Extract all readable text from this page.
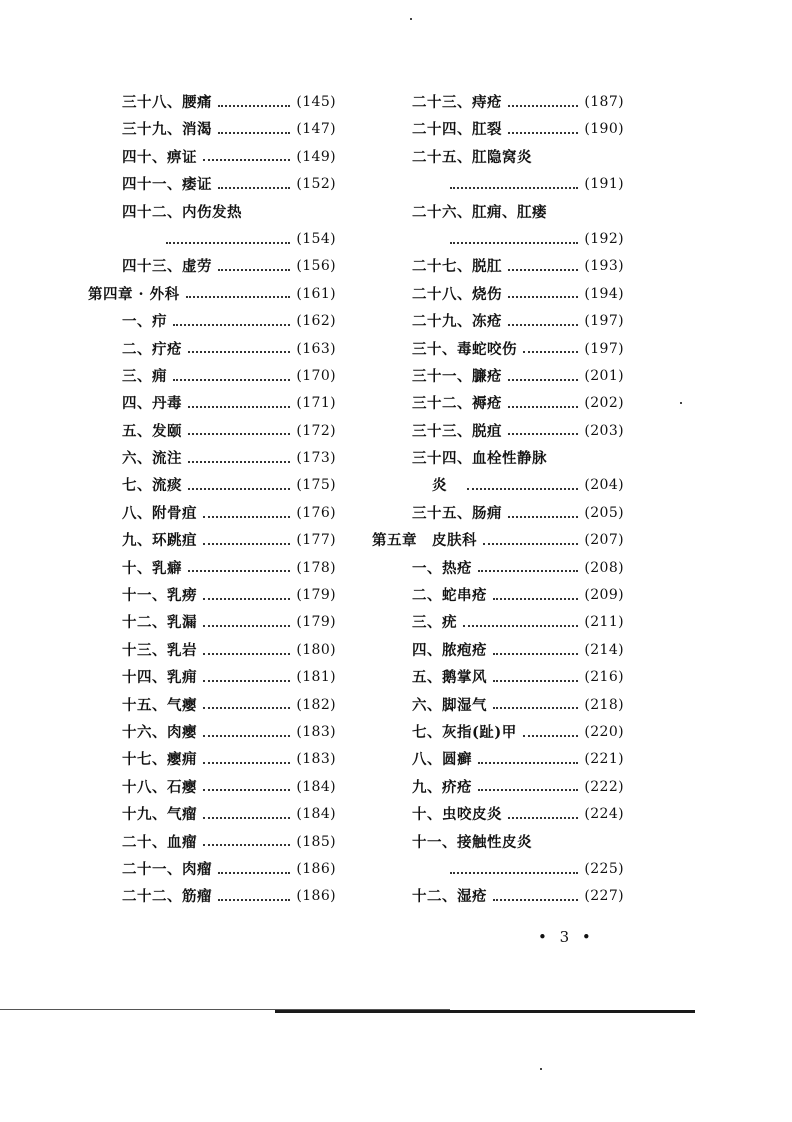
三十八、腰痛	(145)
三十九、消渴	(147)
四十、痹证	(149)
四十一、痿证	(152)
四十二、内伤发热
(154)
四十三、虚劳	(156)
第四章 · 外科	(161)
一、疖	(162)
二、疔疮	(163)
三、痈	(170)
四、丹毒	(171)
五、发颐	(172)
六、流注	(173)
七、流痰	(175)
八、附骨疽	(176)
九、环跳疽	(177)
十、乳癖	(178)
十一、乳痨	(179)
十二、乳漏	(179)
十三、乳岩	(180)
十四、乳痈	(181)
十五、气瘿	(182)
十六、肉瘿	(183)
十七、瘿痈	(183)
十八、石瘿	(184)
十九、气瘤	(184)
二十、血瘤	(185)
二十一、肉瘤	(186)
二十二、筋瘤	(186)
二十三、痔疮	(187)
二十四、肛裂	(190)
二十五、肛隐窝炎
(191)
二十六、肛痈、肛瘘
(192)
二十七、脱肛	(193)
二十八、烧伤	(194)
二十九、冻疮	(197)
三十、毒蛇咬伤	(197)
三十一、臁疮	(201)
三十二、褥疮	(202)
三十三、脱疽	(203)
三十四、血栓性静脉
炎	(204)
三十五、肠痈	(205)
第五章　皮肤科	(207)
一、热疮	(208)
二、蛇串疮	(209)
三、疣	(211)
四、脓疱疮	(214)
五、鹅掌风	(216)
六、脚湿气	(218)
七、灰指(趾)甲	(220)
八、圆癣	(221)
九、疥疮	(222)
十、虫咬皮炎	(224)
十一、接触性皮炎
(225)
十二、湿疮	(227)
• 3 •
